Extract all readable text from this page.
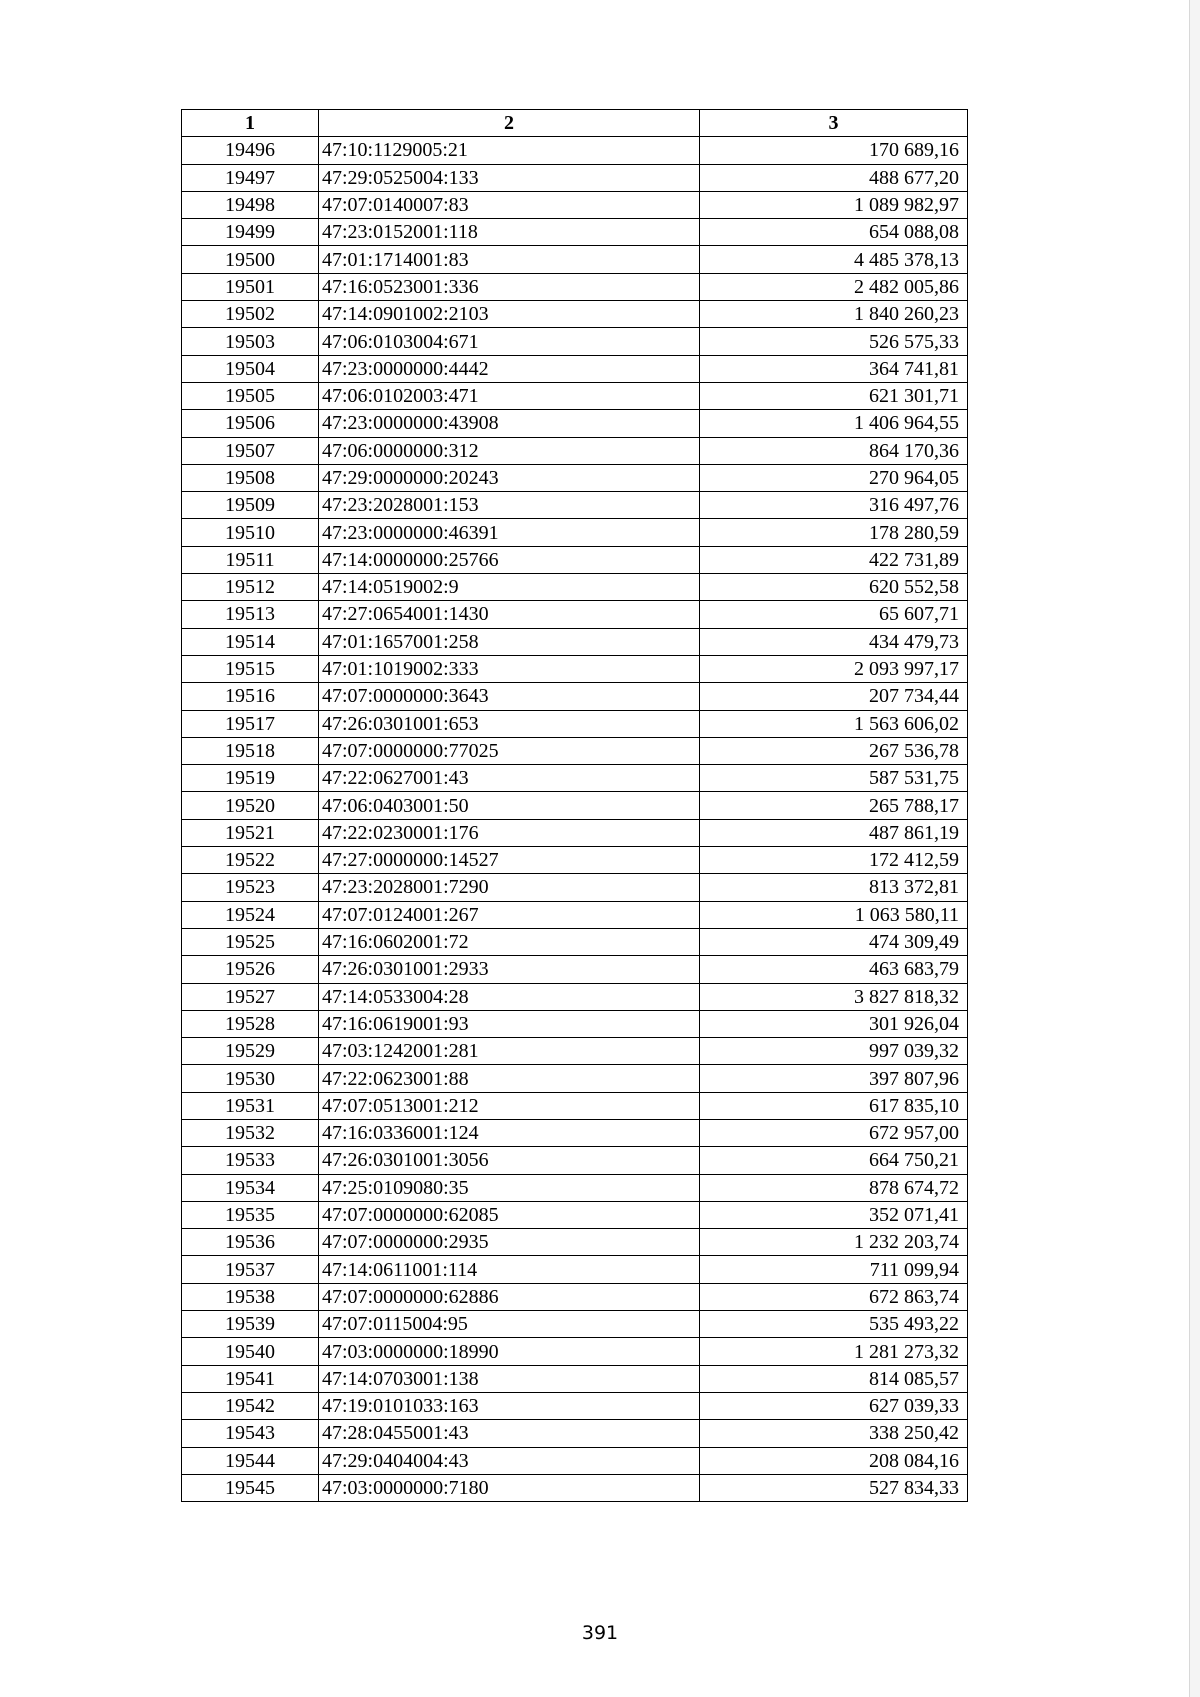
1	2	3
19496	47:10:1129005:21	170 689,16
19497	47:29:0525004:133	488 677,20
19498	47:07:0140007:83	1 089 982,97
19499	47:23:0152001:118	654 088,08
19500	47:01:1714001:83	4 485 378,13
19501	47:16:0523001:336	2 482 005,86
19502	47:14:0901002:2103	1 840 260,23
19503	47:06:0103004:671	526 575,33
19504	47:23:0000000:4442	364 741,81
19505	47:06:0102003:471	621 301,71
19506	47:23:0000000:43908	1 406 964,55
19507	47:06:0000000:312	864 170,36
19508	47:29:0000000:20243	270 964,05
19509	47:23:2028001:153	316 497,76
19510	47:23:0000000:46391	178 280,59
19511	47:14:0000000:25766	422 731,89
19512	47:14:0519002:9	620 552,58
19513	47:27:0654001:1430	65 607,71
19514	47:01:1657001:258	434 479,73
19515	47:01:1019002:333	2 093 997,17
19516	47:07:0000000:3643	207 734,44
19517	47:26:0301001:653	1 563 606,02
19518	47:07:0000000:77025	267 536,78
19519	47:22:0627001:43	587 531,75
19520	47:06:0403001:50	265 788,17
19521	47:22:0230001:176	487 861,19
19522	47:27:0000000:14527	172 412,59
19523	47:23:2028001:7290	813 372,81
19524	47:07:0124001:267	1 063 580,11
19525	47:16:0602001:72	474 309,49
19526	47:26:0301001:2933	463 683,79
19527	47:14:0533004:28	3 827 818,32
19528	47:16:0619001:93	301 926,04
19529	47:03:1242001:281	997 039,32
19530	47:22:0623001:88	397 807,96
19531	47:07:0513001:212	617 835,10
19532	47:16:0336001:124	672 957,00
19533	47:26:0301001:3056	664 750,21
19534	47:25:0109080:35	878 674,72
19535	47:07:0000000:62085	352 071,41
19536	47:07:0000000:2935	1 232 203,74
19537	47:14:0611001:114	711 099,94
19538	47:07:0000000:62886	672 863,74
19539	47:07:0115004:95	535 493,22
19540	47:03:0000000:18990	1 281 273,32
19541	47:14:0703001:138	814 085,57
19542	47:19:0101033:163	627 039,33
19543	47:28:0455001:43	338 250,42
19544	47:29:0404004:43	208 084,16
19545	47:03:0000000:7180	527 834,33
391
